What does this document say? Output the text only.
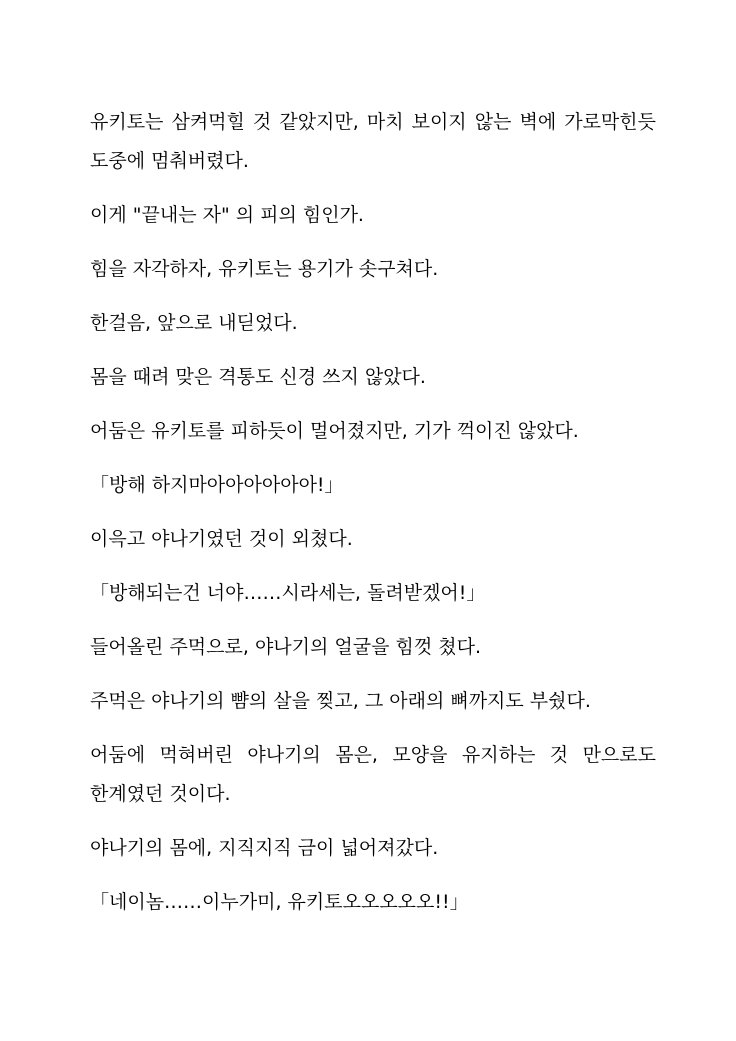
유키토는 삼켜먹힐 것 같았지만, 마치 보이지 않는 벽에 가로막힌듯 도중에 멈춰버렸다.

이게 "끝내는 자" 의 피의 힘인가.

힘을 자각하자, 유키토는 용기가 솟구쳐다.

한걸음, 앞으로 내딛었다.

몸을 때려 맞은 격통도 신경 쓰지 않았다.

어둠은 유키토를 피하듯이 멀어졌지만, 기가 꺽이진 않았다.

「방해 하지마아아아아아아!」

이윽고 야나기였던 것이 외쳤다.

「방해되는건 너야……시라세는, 돌려받겠어!」

들어올린 주먹으로, 야나기의 얼굴을 힘껏 쳤다.

주먹은 야나기의 뺨의 살을 찢고, 그 아래의 뼈까지도 부쉈다.

어둠에 먹혀버린 야나기의 몸은, 모양을 유지하는 것 만으로도 한계였던 것이다.

야나기의 몸에, 지직지직 금이 넓어져갔다.

「네이놈……이누가미, 유키토오오오오오!!」
